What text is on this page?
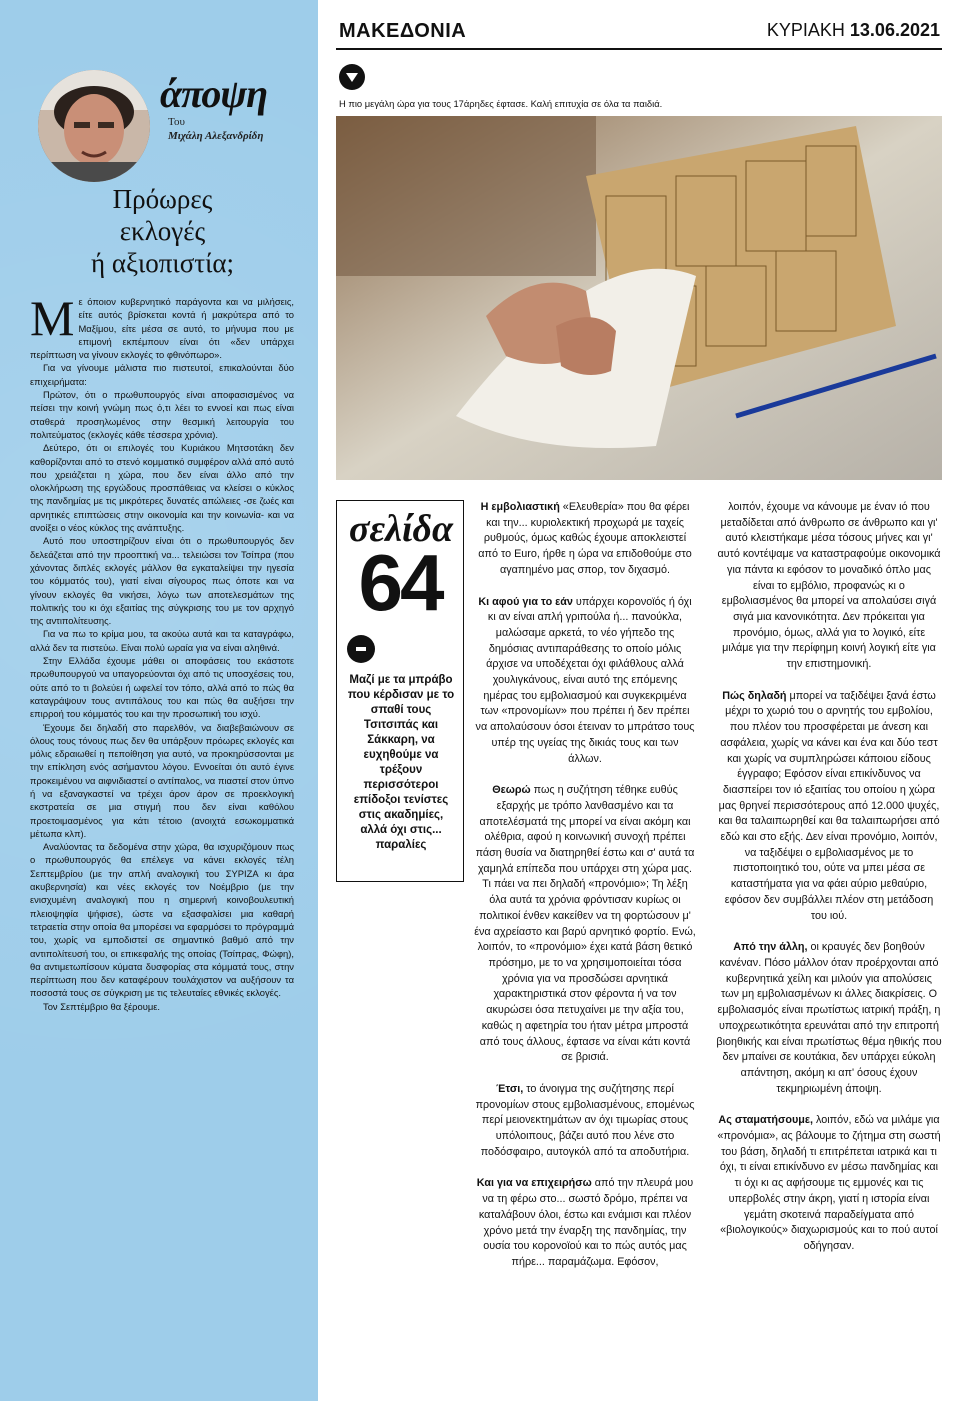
άποψη
Του
Μιχάλη Αλεξανδρίδη
Πρόωρες
εκλογές
ή αξιοπιστία;

Με όποιον κυβερνητικό παράγοντα και να μιλήσεις, είτε αυτός βρίσκεται κοντά ή μακρύτερα από το Μαξίμου, είτε μέσα σε αυτό, το μήνυμα που με επιμονή εκπέμπουν είναι ότι «δεν υπάρχει περίπτωση να γίνουν εκλογές το φθινόπωρο».

Για να γίνουμε μάλιστα πιο πιστευτοί, επικαλούνται δύο επιχειρήματα:

Πρώτον, ότι ο πρωθυπουργός είναι αποφασισμένος να πείσει την κοινή γνώμη πως ό,τι λέει το εννοεί και πως είναι σταθερά προσηλωμένος στην θεσμική λειτουργία του πολιτεύματος (εκλογές κάθε τέσσερα χρόνια).

Δεύτερο, ότι οι επιλογές του Κυριάκου Μητσοτάκη δεν καθορίζονται από το στενό κομματικό συμφέρον αλλά από αυτό που χρειάζεται η χώρα, που δεν είναι άλλο από την ολοκλήρωση της εργώδους προσπάθειας να κλείσει ο κύκλος της πανδημίας με τις μικρότερες δυνατές απώλειες -σε ζωές και αρνητικές επιπτώσεις στην οικονομία και την κοινωνία- και να ανοίξει ο νέος κύκλος της ανάπτυξης.

Αυτό που υποστηρίζουν είναι ότι ο πρωθυπουργός δεν δελεάζεται από την προοπτική να... τελειώσει τον Τσίπρα (που χάνοντας διπλές εκλογές μάλλον θα εγκαταλείψει την ηγεσία του κόμματός του), γιατί είναι σίγουρος πως όποτε και να γίνουν εκλογές θα νικήσει, λόγω των αποτελεσμάτων της πολιτικής του κι όχι εξαιτίας της σύγκρισης του με τον αρχηγό της αντιπολίτευσης.

Για να πω το κρίμα μου, τα ακούω αυτά και τα καταγράφω, αλλά δεν τα πιστεύω. Είναι πολύ ωραία για να είναι αληθινά.

Στην Ελλάδα έχουμε μάθει οι αποφάσεις του εκάστοτε πρωθυπουργού να υπαγορεύονται όχι από τις υποσχέσεις του, ούτε από το τι βολεύει ή ωφελεί τον τόπο, αλλά από το πώς θα καταγράψουν τους αντιπάλους του και πώς θα αυξήσει την επιρροή του κόμματός του και την προσωπική του ισχύ.

Έχουμε δει δηλαδή στο παρελθόν, να διαβεβαιώνουν σε όλους τους τόνους πως δεν θα υπάρξουν πρόωρες εκλογές και μόλις εδραιωθεί η πεποίθηση για αυτό, να προκηρύσσονται με την επίκληση ενός ασήμαντου λόγου. Εννοείται ότι αυτό έγινε προκειμένου να αιφνιδιαστεί ο αντίπαλος, να πιαστεί στον ύπνο ή να εξαναγκαστεί να τρέχει άρον άρον σε προεκλογική εκστρατεία σε μια στιγμή που δεν είναι καθόλου προετοιμασμένος για κάτι τέτοιο (ανοιχτά εσωκομματικά μέτωπα κλπ).

Αναλύοντας τα δεδομένα στην χώρα, θα ισχυριζόμουν πως ο πρωθυπουργός θα επέλεγε να κάνει εκλογές τέλη Σεπτεμβρίου (με την απλή αναλογική του ΣΥΡΙΖΑ κι άρα ακυβερνησία) και νέες εκλογές τον Νοέμβριο (με την ενισχυμένη αναλογική που η σημερινή κοινοβουλευτική πλειοψηφία ψήφισε), ώστε να εξασφαλίσει μια καθαρή τετραετία στην οποία θα μπορέσει να εφαρμόσει το πρόγραμμά του, χωρίς να εμποδιστεί σε σημαντικό βαθμό από την αντιπολίτευσή του, οι επικεφαλής της οποίας (Τσίπρας, Φώφη), θα αντιμετωπίσουν κύματα δυσφορίας στα κόμματά τους, στην περίπτωση που δεν καταφέρουν τουλάχιστον να αυξήσουν τα ποσοστά τους σε σύγκριση με τις τελευταίες εθνικές εκλογές.

Τον Σεπτέμβριο θα ξέρουμε.

ΜΑΚΕΔΟΝΙΑ	ΚΥΡΙΑΚΗ 13.06.2021
Η πιο μεγάλη ώρα για τους 17άρηδες έφτασε. Καλή επιτυχία σε όλα τα παιδιά.
σελίδα
64
Μαζί με τα μπράβο που κέρδισαν με το σπαθί τους Τσιτσιπάς και Σάκκαρη, να ευχηθούμε να τρέξουν περισσότεροι επίδοξοι τενίστες στις ακαδημίες, αλλά όχι στις... παραλίες

Η εμβολιαστική «Ελευθερία» που θα φέρει και την... κυριολεκτική προχωρά με ταχείς ρυθμούς, όμως καθώς έχουμε αποκλειστεί από το Euro, ήρθε η ώρα να επιδοθούμε στο αγαπημένο μας σπορ, τον διχασμό.

Κι αφού για το εάν υπάρχει κορονοϊός ή όχι κι αν είναι απλή γριπούλα ή... πανούκλα, μαλώσαμε αρκετά, το νέο γήπεδο της δημόσιας αντιπαράθεσης το οποίο μόλις άρχισε να υποδέχεται όχι φιλάθλους αλλά χουλιγκάνους, είναι αυτό της επόμενης ημέρας του εμβολιασμού και συγκεκριμένα των «προνομίων» που πρέπει ή δεν πρέπει να απολαύσουν όσοι έτειναν το μπράτσο τους υπέρ της υγείας της δικιάς τους και των άλλων.

Θεωρώ πως η συζήτηση τέθηκε ευθύς εξαρχής με τρόπο λανθασμένο και τα αποτελέσματά της μπορεί να είναι ακόμη και ολέθρια, αφού η κοινωνική συνοχή πρέπει πάση θυσία να διατηρηθεί έστω και σ' αυτά τα χαμηλά επίπεδα που υπάρχει στη χώρα μας. Τι πάει να πει δηλαδή «προνόμιο»; Τη λέξη όλα αυτά τα χρόνια φρόντισαν κυρίως οι πολιτικοί ένθεν κακείθεν να τη φορτώσουν μ' ένα αχρείαστο και βαρύ αρνητικό φορτίο. Ενώ, λοιπόν, το «προνόμιο» έχει κατά βάση θετικό πρόσημο, με το να χρησιμοποιείται τόσα χρόνια για να προσδώσει αρνητικά χαρακτηριστικά στον φέροντα ή να τον ακυρώσει όσα πετυχαίνει με την αξία του, καθώς η αφετηρία του ήταν μέτρα μπροστά από τους άλλους, έφτασε να είναι κάτι κοντά σε βρισιά.

Έτσι, το άνοιγμα της συζήτησης περί προνομίων στους εμβολιασμένους, επομένως περί μειονεκτημάτων αν όχι τιμωρίας στους υπόλοιπους, βάζει αυτό που λένε στο ποδόσφαιρο, αυτογκόλ από τα αποδυτήρια.

Και για να επιχειρήσω από την πλευρά μου να τη φέρω στο... σωστό δρόμο, πρέπει να καταλάβουν όλοι, έστω και ενάμισι και πλέον χρόνο μετά την έναρξη της πανδημίας, την ουσία του κορονοϊού και το πώς αυτός μας πήρε... παραμάζωμα. Εφόσον,

λοιπόν, έχουμε να κάνουμε με έναν ιό που μεταδίδεται από άνθρωπο σε άνθρωπο και γι' αυτό κλειστήκαμε μέσα τόσους μήνες και γι' αυτό κοντέψαμε να καταστραφούμε οικονομικά για πάντα κι εφόσον το μοναδικό όπλο μας είναι το εμβόλιο, προφανώς κι ο εμβολιασμένος θα μπορεί να απολαύσει σιγά σιγά μια κανονικότητα. Δεν πρόκειται για προνόμιο, όμως, αλλά για το λογικό, είτε μιλάμε για την περίφημη κοινή λογική είτε για την επιστημονική.

Πώς δηλαδή μπορεί να ταξιδέψει ξανά έστω μέχρι το χωριό του ο αρνητής του εμβολίου, που πλέον του προσφέρεται με άνεση και ασφάλεια, χωρίς να κάνει και ένα και δύο τεστ και χωρίς να συμπληρώσει κάποιου είδους έγγραφο; Εφόσον είναι επικίνδυνος να διασπείρει τον ιό εξαιτίας του οποίου η χώρα μας θρηνεί περισσότερους από 12.000 ψυχές, και θα ταλαιπωρηθεί και θα ταλαιπωρήσει από εδώ και στο εξής. Δεν είναι προνόμιο, λοιπόν, να ταξιδέψει ο εμβολιασμένος με το πιστοποιητικό του, ούτε να μπει μέσα σε καταστήματα για να φάει αύριο μεθαύριο, εφόσον δεν συμβάλλει πλέον στη μετάδοση του ιού.

Από την άλλη, οι κραυγές δεν βοηθούν κανέναν. Πόσο μάλλον όταν προέρχονται από κυβερνητικά χείλη και μιλούν για απολύσεις των μη εμβολιασμένων κι άλλες διακρίσεις. Ο εμβολιασμός είναι πρωτίστως ιατρική πράξη, η υποχρεωτικότητα ερευνάται από την επιτροπή βιοηθικής και είναι πρωτίστως θέμα ηθικής που δεν μπαίνει σε κουτάκια, δεν υπάρχει εύκολη απάντηση, ακόμη κι απ' όσους έχουν τεκμηριωμένη άποψη.

Ας σταματήσουμε, λοιπόν, εδώ να μιλάμε για «προνόμια», ας βάλουμε το ζήτημα στη σωστή του βάση, δηλαδή τι επιτρέπεται ιατρικά και τι όχι, τι είναι επικίνδυνο εν μέσω πανδημίας και τι όχι κι ας αφήσουμε τις εμμονές και τις υπερβολές στην άκρη, γιατί η ιστορία είναι γεμάτη σκοτεινά παραδείγματα από «βιολογικούς» διαχωρισμούς και το πού αυτοί οδήγησαν.
